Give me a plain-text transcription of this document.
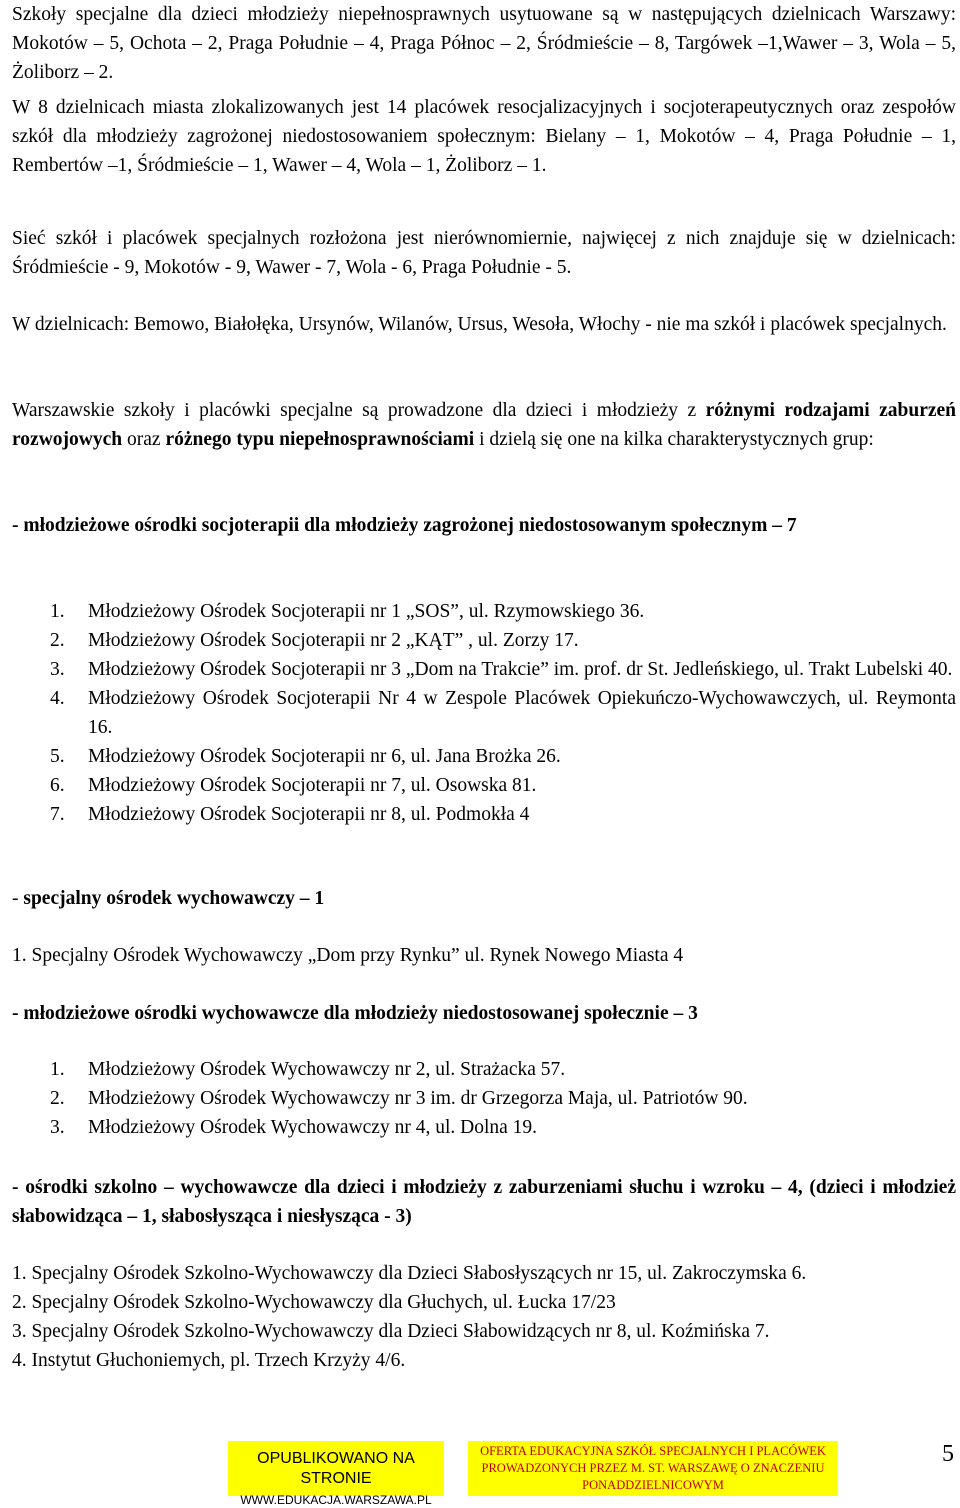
Szkoły specjalne dla dzieci młodzieży niepełnosprawnych usytuowane są w następujących dzielnicach Warszawy: Mokotów – 5, Ochota – 2, Praga Południe – 4, Praga Północ – 2, Śródmieście – 8, Targówek –1,Wawer – 3, Wola – 5, Żoliborz – 2.

W 8 dzielnicach miasta zlokalizowanych jest 14 placówek resocjalizacyjnych i socjoterapeutycznych oraz zespołów szkół dla młodzieży zagrożonej niedostosowaniem społecznym: Bielany – 1, Mokotów – 4, Praga Południe – 1, Rembertów –1, Śródmieście – 1, Wawer – 4, Wola – 1, Żoliborz – 1.

Sieć szkół i placówek specjalnych rozłożona jest nierównomiernie, najwięcej z nich znajduje się w dzielnicach: Śródmieście - 9, Mokotów - 9, Wawer - 7, Wola - 6, Praga Południe - 5.

W dzielnicach: Bemowo, Białołęka, Ursynów, Wilanów, Ursus, Wesoła, Włochy - nie ma szkół i placówek specjalnych.

Warszawskie szkoły i placówki specjalne są prowadzone dla dzieci i młodzieży z różnymi rodzajami zaburzeń rozwojowych oraz różnego typu niepełnosprawnościami i dzielą się one na kilka charakterystycznych grup:

- młodzieżowe ośrodki socjoterapii dla młodzieży zagrożonej niedostosowanym społecznym – 7

1. Młodzieżowy Ośrodek Socjoterapii nr 1 „SOS”, ul. Rzymowskiego 36.
2. Młodzieżowy Ośrodek Socjoterapii nr 2 „KĄT” , ul. Zorzy 17.
3. Młodzieżowy Ośrodek Socjoterapii nr 3 „Dom na Trakcie” im. prof. dr St. Jedleńskiego, ul. Trakt Lubelski 40.
4. Młodzieżowy Ośrodek Socjoterapii Nr 4 w Zespole Placówek Opiekuńczo-Wychowawczych, ul. Reymonta 16.
5. Młodzieżowy Ośrodek Socjoterapii nr 6, ul. Jana Brożka 26.
6. Młodzieżowy Ośrodek Socjoterapii nr 7, ul. Osowska 81.
7. Młodzieżowy Ośrodek Socjoterapii nr 8, ul. Podmokła 4

- specjalny ośrodek wychowawczy – 1

1. Specjalny Ośrodek Wychowawczy „Dom przy Rynku” ul. Rynek Nowego Miasta 4

- młodzieżowe ośrodki wychowawcze dla młodzieży niedostosowanej społecznie – 3

1. Młodzieżowy Ośrodek Wychowawczy nr 2, ul. Strażacka 57.
2. Młodzieżowy Ośrodek Wychowawczy nr 3 im. dr Grzegorza Maja, ul. Patriotów 90.
3. Młodzieżowy Ośrodek Wychowawczy nr 4, ul. Dolna 19.

- ośrodki szkolno – wychowawcze dla dzieci i młodzieży z zaburzeniami słuchu i wzroku – 4, (dzieci i młodzież słabowidząca – 1, słabosłysząca i niesłysząca - 3)

1. Specjalny Ośrodek Szkolno-Wychowawczy dla Dzieci Słabosłyszących nr 15, ul. Zakroczymska 6.

2. Specjalny Ośrodek Szkolno-Wychowawczy dla Głuchych, ul. Łucka 17/23

3. Specjalny Ośrodek Szkolno-Wychowawczy dla Dzieci Słabowidzących nr 8, ul. Koźmińska 7.

4. Instytut Głuchoniemych, pl. Trzech Krzyży 4/6.

OPUBLIKOWANO NA STRONIE
WWW.EDUKACJA.WARSZAWA.PL
OFERTA EDUKACYJNA SZKÓŁ SPECJALNYCH I PLACÓWEK
PROWADZONYCH PRZEZ M. ST. WARSZAWĘ O ZNACZENIU
PONADDZIELNICOWYM
5
